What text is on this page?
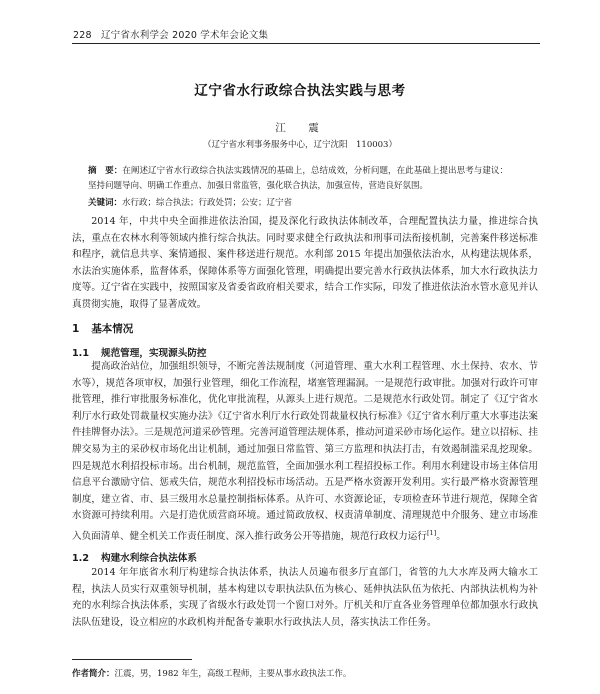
228 辽宁省水利学会 2020 学术年会论文集
辽宁省水行政综合执法实践与思考
江　震
（辽宁省水利事务服务中心，辽宁沈阳　110003）
摘　要：在阐述辽宁省水行政综合执法实践情况的基础上，总结成效，分析问题，在此基础上提出思考与建议：坚持问题导向、明确工作重点、加强日常监管，强化联合执法，加强宣传，营造良好氛围。
关键词：水行政；综合执法；行政处罚；公安；辽宁省

2014 年，中共中央全面推进依法治国，提及深化行政执法体制改革，合理配置执法力量，推进综合执法，重点在农林水利等领域内推行综合执法。同时要求健全行政执法和刑事司法衔接机制，完善案件移送标准和程序，就信息共享、案情通报、案件移送进行规范。水利部 2015 年提出加强依法治水，从构建法规体系，水法治实施体系，监督体系，保障体系等方面强化管理，明确提出要完善水行政执法体系，加大水行政执法力度等。辽宁省在实践中，按照国家及省委省政府相关要求，结合工作实际，印发了推进依法治水管水意见并认真贯彻实施，取得了显著成效。

1 基本情况
1.1 规范管理，实现源头防控

提高政治站位，加强组织领导，不断完善法规制度（河道管理、重大水利工程管理、水土保持、农水、节水等），规范各项审权，加强行业管理，细化工作流程，堵塞管理漏洞。一是规范行政审批。加强对行政许可审批管理，推行审批服务标准化，优化审批流程，从源头上进行规范。二是规范水行政处罚。制定了《辽宁省水利厅水行政处罚裁量权实施办法》《辽宁省水利厅水行政处罚裁量权执行标准》《辽宁省水利厅重大水事违法案件挂牌督办法》。三是规范河道采砂管理。完善河道管理法规体系，推动河道采砂市场化运作。建立以招标、挂牌交易为主的采砂权市场化出让机制，通过加强日常监管、第三方监理和执法打击，有效遏制滥采乱挖现象。四是规范水利招投标市场。出台机制，规范监管，全面加强水利工程招投标工作。利用水利建设市场主体信用信息平台激励守信、惩戒失信，规范水利招投标市场活动。五是严格水资源开发利用。实行最严格水资源管理制度，建立省、市、县三级用水总量控制指标体系。从许可、水资源论证，专项检查环节进行规范，保障全省水资源可持续利用。六是打造优质营商环境。通过简政放权、权责清单制度、清理规范中介服务、建立市场准入负面清单、健全机关工作责任制度、深入推行政务公开等措施，规范行政权力运行[1]。

1.2 构建水利综合执法体系

2014 年年底省水利厅构建综合执法体系，执法人员遍布很多厅直部门，省管的九大水库及两大输水工程，执法人员实行双重领导机制，基本构建以专职执法队伍为核心、延伸执法队伍为依托、内部执法机构为补充的水利综合执法体系，实现了省级水行政处罚一个窗口对外。厅机关和厅直各业务管理单位都加强水行政执法队伍建设，设立相应的水政机构并配备专兼职水行政执法人员，落实执法工作任务。

作者简介：江震，男，1982 年生，高级工程师，主要从事水政执法工作。
